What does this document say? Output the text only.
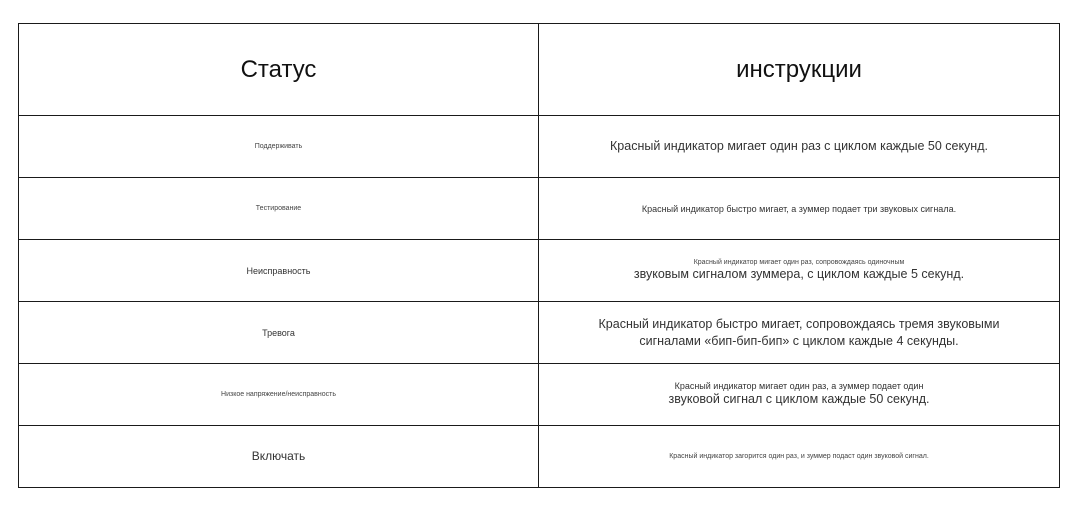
Статус	инструкции
Поддерживать	Красный индикатор мигает один раз с циклом каждые 50 секунд.

Тестирование	Красный индикатор быстро мигает, а зуммер подает три звуковых сигнала.

Неисправность	Красный индикатор мигает один раз, сопровождаясь одиночным
звуковым сигналом зуммера, с циклом каждые 5 секунд.

Тревога	Красный индикатор быстро мигает, сопровождаясь тремя звуковыми
сигналами «бип-бип-бип» с циклом каждые 4 секунды.

Низкое напряжение/неисправность	Красный индикатор мигает один раз, а зуммер подает один
звуковой сигнал с циклом каждые 50 секунд.

Включать	Красный индикатор загорится один раз, и зуммер подаст один звуковой сигнал.
